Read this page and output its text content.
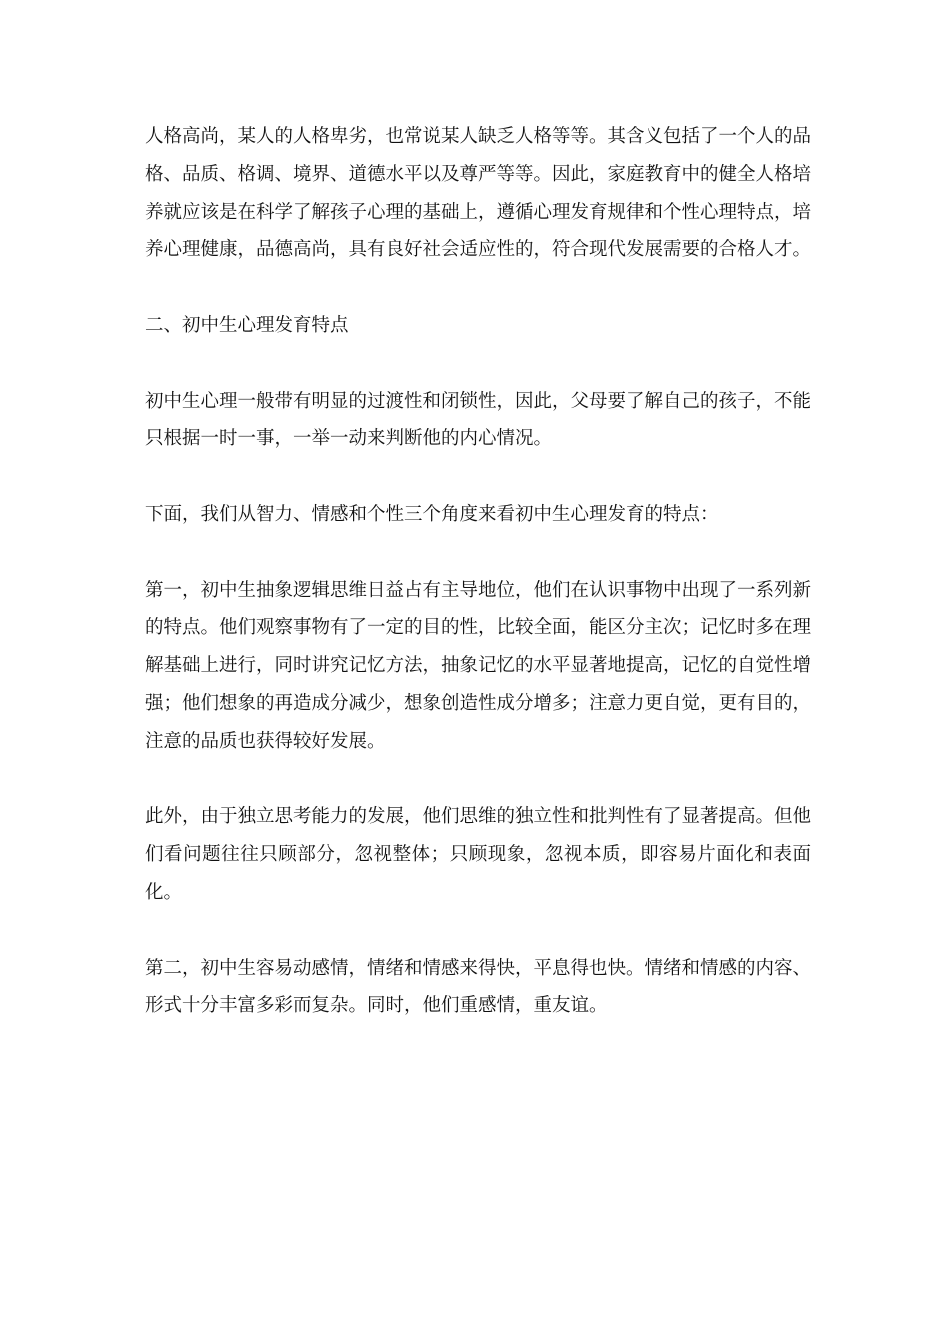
人格高尚，某人的人格卑劣，也常说某人缺乏人格等等。其含义包括了一个人的品格、品质、格调、境界、道德水平以及尊严等等。因此，家庭教育中的健全人格培养就应该是在科学了解孩子心理的基础上，遵循心理发育规律和个性心理特点，培养心理健康，品德高尚，具有良好社会适应性的，符合现代发展需要的合格人才。

二、初中生心理发育特点

初中生心理一般带有明显的过渡性和闭锁性，因此，父母要了解自己的孩子，不能只根据一时一事，一举一动来判断他的内心情况。

下面，我们从智力、情感和个性三个角度来看初中生心理发育的特点：

第一，初中生抽象逻辑思维日益占有主导地位，他们在认识事物中出现了一系列新的特点。他们观察事物有了一定的目的性，比较全面，能区分主次；记忆时多在理解基础上进行，同时讲究记忆方法，抽象记忆的水平显著地提高，记忆的自觉性增强；他们想象的再造成分减少，想象创造性成分增多；注意力更自觉，更有目的，注意的品质也获得较好发展。

此外，由于独立思考能力的发展，他们思维的独立性和批判性有了显著提高。但他们看问题往往只顾部分，忽视整体；只顾现象，忽视本质，即容易片面化和表面化。

第二，初中生容易动感情，情绪和情感来得快，平息得也快。情绪和情感的内容、形式十分丰富多彩而复杂。同时，他们重感情，重友谊。
